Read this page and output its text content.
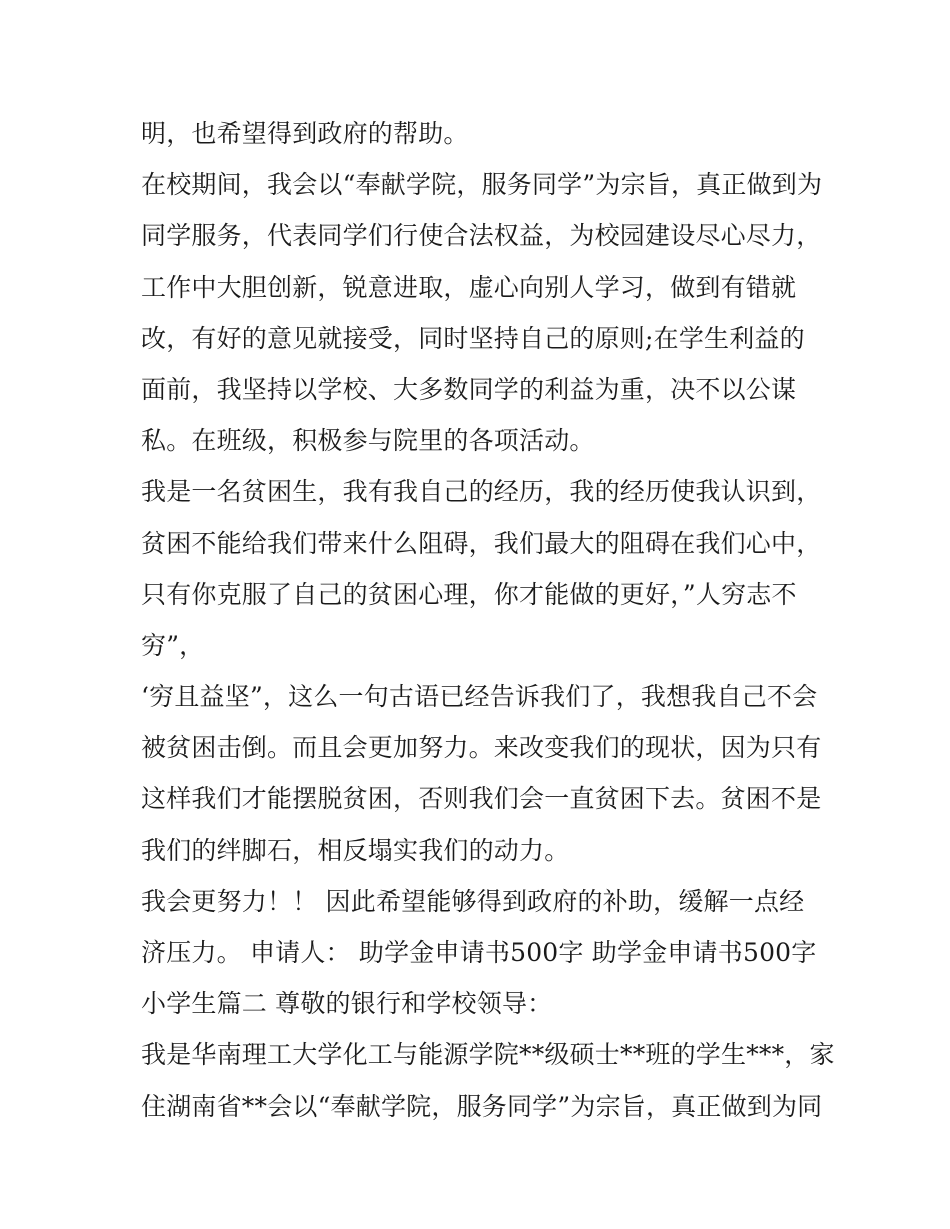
明，也希望得到政府的帮助。
在校期间，我会以“奉献学院，服务同学”为宗旨，真正做到为
同学服务，代表同学们行使合法权益，为校园建设尽心尽力，
工作中大胆创新，锐意进取，虚心向别人学习，做到有错就
改，有好的意见就接受，同时坚持自己的原则;在学生利益的
面前，我坚持以学校、大多数同学的利益为重，决不以公谋
私。在班级，积极参与院里的各项活动。
我是一名贫困生，我有我自己的经历，我的经历使我认识到，
贫困不能给我们带来什么阻碍，我们最大的阻碍在我们心中，
只有你克服了自己的贫困心理，你才能做的更好，”人穷志不
穷”，
‘穷且益坚”，这么一句古语已经告诉我们了，我想我自己不会
被贫困击倒。而且会更加努力。来改变我们的现状，因为只有
这样我们才能摆脱贫困，否则我们会一直贫困下去。贫困不是
我们的绊脚石，相反塌实我们的动力。
我会更努力！！ 因此希望能够得到政府的补助，缓解一点经
济压力。 申请人： 助学金申请书500字 助学金申请书500字
小学生篇二 尊敬的银行和学校领导：
我是华南理工大学化工与能源学院**级硕士**班的学生***，家
住湖南省**会以“奉献学院，服务同学”为宗旨，真正做到为同
